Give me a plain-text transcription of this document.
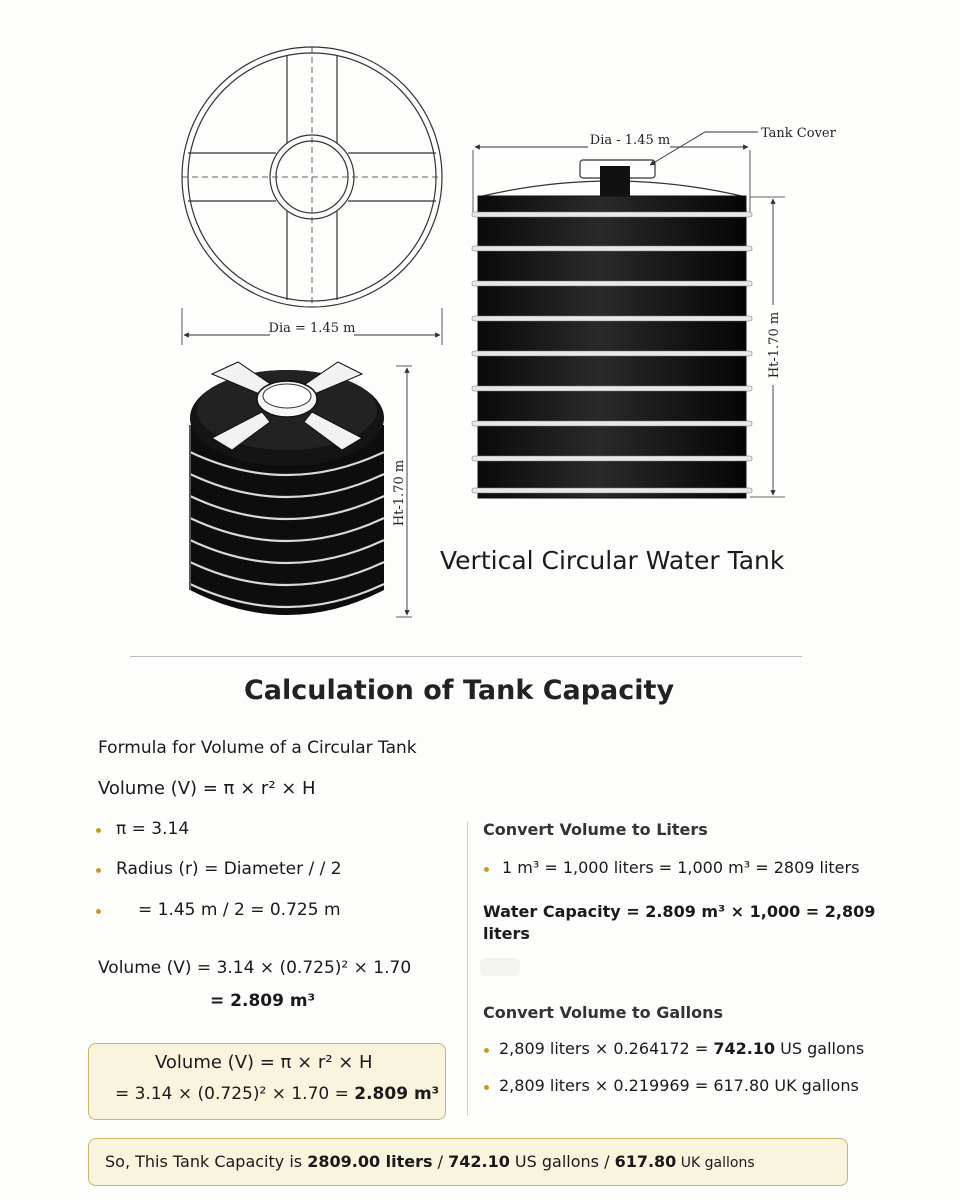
Dia = 1.45 m
Dia - 1.45 m	Tank Cover
Ht-1.70 m
Ht-1.70 m
Vertical Circular Water Tank
Calculation of Tank Capacity
Formula for Volume of a Circular Tank
Volume (V) = π × r² × H
π = 3.14
Radius (r) = Diameter / / 2
= 1.45 m / 2 = 0.725 m
Volume (V) = 3.14 × (0.725)² × 1.70
= 2.809 m³
Volume (V) = π × r² × H
= 3.14 × (0.725)² × 1.70 = 2.809 m³
Convert Volume to Liters
1 m³ = 1,000 liters = 1,000 m³ = 2809 liters
Water Capacity = 2.809 m³ × 1,000 = 2,809
liters
Convert Volume to Gallons
2,809 liters × 0.264172 = 742.10 US gallons
2,809 liters × 0.219969 = 617.80 UK gallons
So, This Tank Capacity is 2809.00 liters / 742.10 US gallons / 617.80 UK gallons
